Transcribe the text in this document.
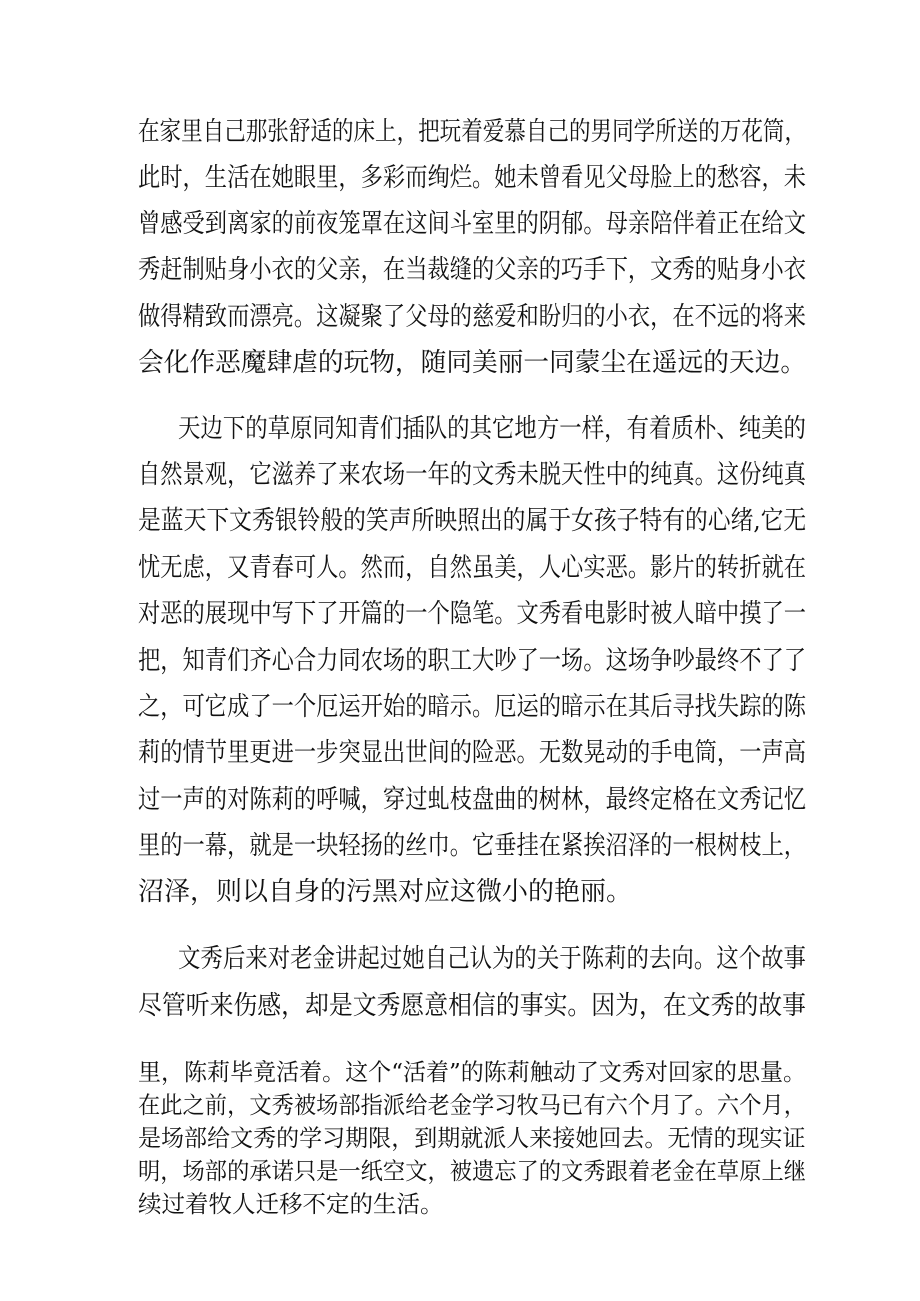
在家里自己那张舒适的床上，把玩着爱慕自己的男同学所送的万花筒，
此时，生活在她眼里，多彩而绚烂。她未曾看见父母脸上的愁容，未
曾感受到离家的前夜笼罩在这间斗室里的阴郁。母亲陪伴着正在给文
秀赶制贴身小衣的父亲，在当裁缝的父亲的巧手下，文秀的贴身小衣
做得精致而漂亮。这凝聚了父母的慈爱和盼归的小衣，在不远的将来
会化作恶魔肆虐的玩物，随同美丽一同蒙尘在遥远的天边。
天边下的草原同知青们插队的其它地方一样，有着质朴、纯美的
自然景观，它滋养了来农场一年的文秀未脱天性中的纯真。这份纯真
是蓝天下文秀银铃般的笑声所映照出的属于女孩子特有的心绪,它无
忧无虑，又青春可人。然而，自然虽美，人心实恶。影片的转折就在
对恶的展现中写下了开篇的一个隐笔。文秀看电影时被人暗中摸了一
把，知青们齐心合力同农场的职工大吵了一场。这场争吵最终不了了
之，可它成了一个厄运开始的暗示。厄运的暗示在其后寻找失踪的陈
莉的情节里更进一步突显出世间的险恶。无数晃动的手电筒，一声高
过一声的对陈莉的呼喊，穿过虬枝盘曲的树林，最终定格在文秀记忆
里的一幕，就是一块轻扬的丝巾。它垂挂在紧挨沼泽的一根树枝上，
沼泽，则以自身的污黑对应这微小的艳丽。
文秀后来对老金讲起过她自己认为的关于陈莉的去向。这个故事
尽管听来伤感，却是文秀愿意相信的事实。因为，在文秀的故事
里，陈莉毕竟活着。这个“活着”的陈莉触动了文秀对回家的思量。
在此之前，文秀被场部指派给老金学习牧马已有六个月了。六个月，
是场部给文秀的学习期限，到期就派人来接她回去。无情的现实证
明，场部的承诺只是一纸空文，被遗忘了的文秀跟着老金在草原上继
续过着牧人迁移不定的生活。
